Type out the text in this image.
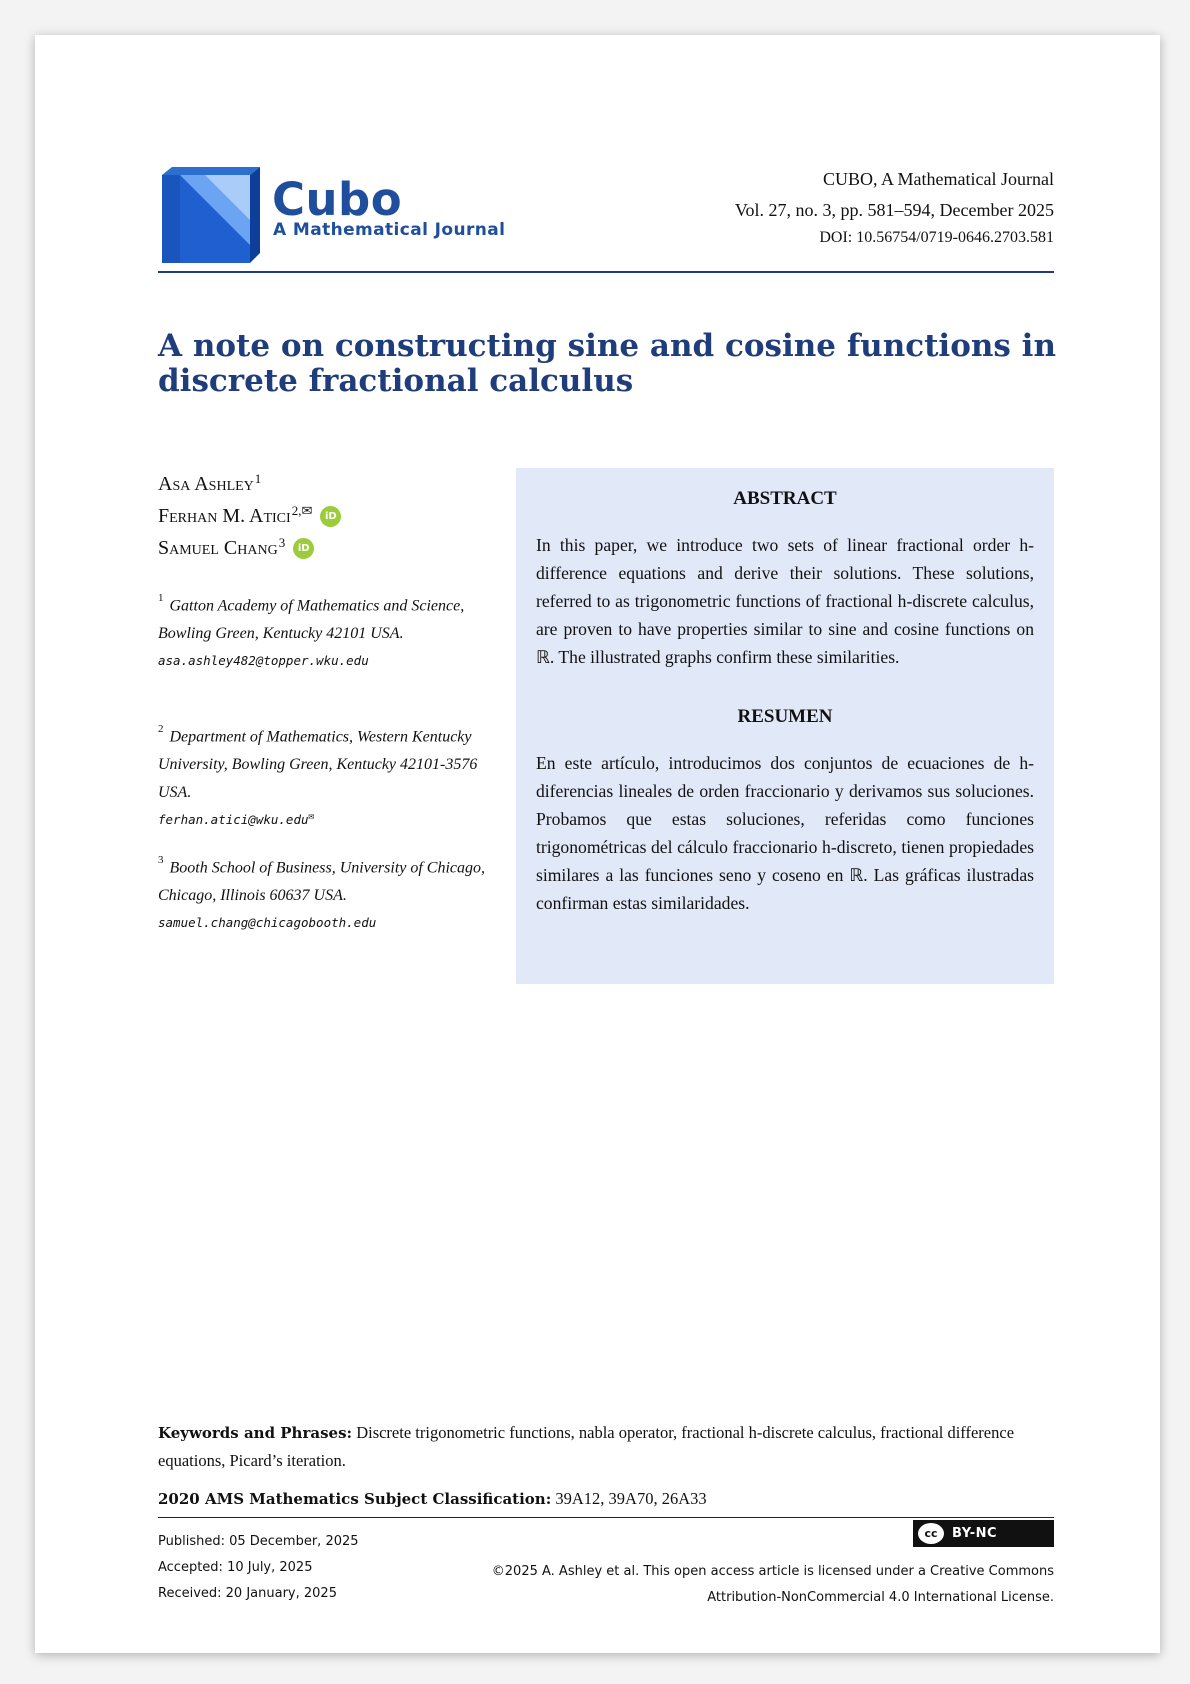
Cubo
A Mathematical Journal
CUBO, A Mathematical Journal
Vol. 27, no. 3, pp. 581–594, December 2025
DOI: 10.56754/0719-0646.2703.581
A note on constructing sine and cosine functions in discrete fractional calculus
Asa Ashley$^1$
Ferhan M. Atici$^{2,✉}$	iD
Samuel Chang$^3$	iD
$^1$ Gatton Academy of Mathematics and Science, Bowling Green, Kentucky 42101 USA.
asa.ashley482@topper.wku.edu
$^2$ Department of Mathematics, Western Kentucky University, Bowling Green, Kentucky 42101-3576 USA.
ferhan.atici@wku.edu✉
$^3$ Booth School of Business, University of Chicago, Chicago, Illinois 60637 USA.
samuel.chang@chicagobooth.edu
ABSTRACT
In this paper, we introduce two sets of linear fractional order h-difference equations and derive their solutions. These solutions, referred to as trigonometric functions of fractional h-discrete calculus, are proven to have properties similar to sine and cosine functions on ℝ. The illustrated graphs confirm these similarities.
RESUMEN
En este artículo, introducimos dos conjuntos de ecuaciones de h-diferencias lineales de orden fraccionario y derivamos sus soluciones. Probamos que estas soluciones, referidas como funciones trigonométricas del cálculo fraccionario h-discreto, tienen propiedades similares a las funciones seno y coseno en ℝ. Las gráficas ilustradas confirman estas similaridades.
Keywords and Phrases: Discrete trigonometric functions, nabla operator, fractional h-discrete calculus, fractional difference equations, Picard’s iteration.
2020 AMS Mathematics Subject Classification: 39A12, 39A70, 26A33
Published: 05 December, 2025
Accepted: 10 July, 2025
Received: 20 January, 2025
cc	BY-NC
©2025 A. Ashley et al. This open access article is licensed under a Creative Commons
Attribution-NonCommercial 4.0 International License.
